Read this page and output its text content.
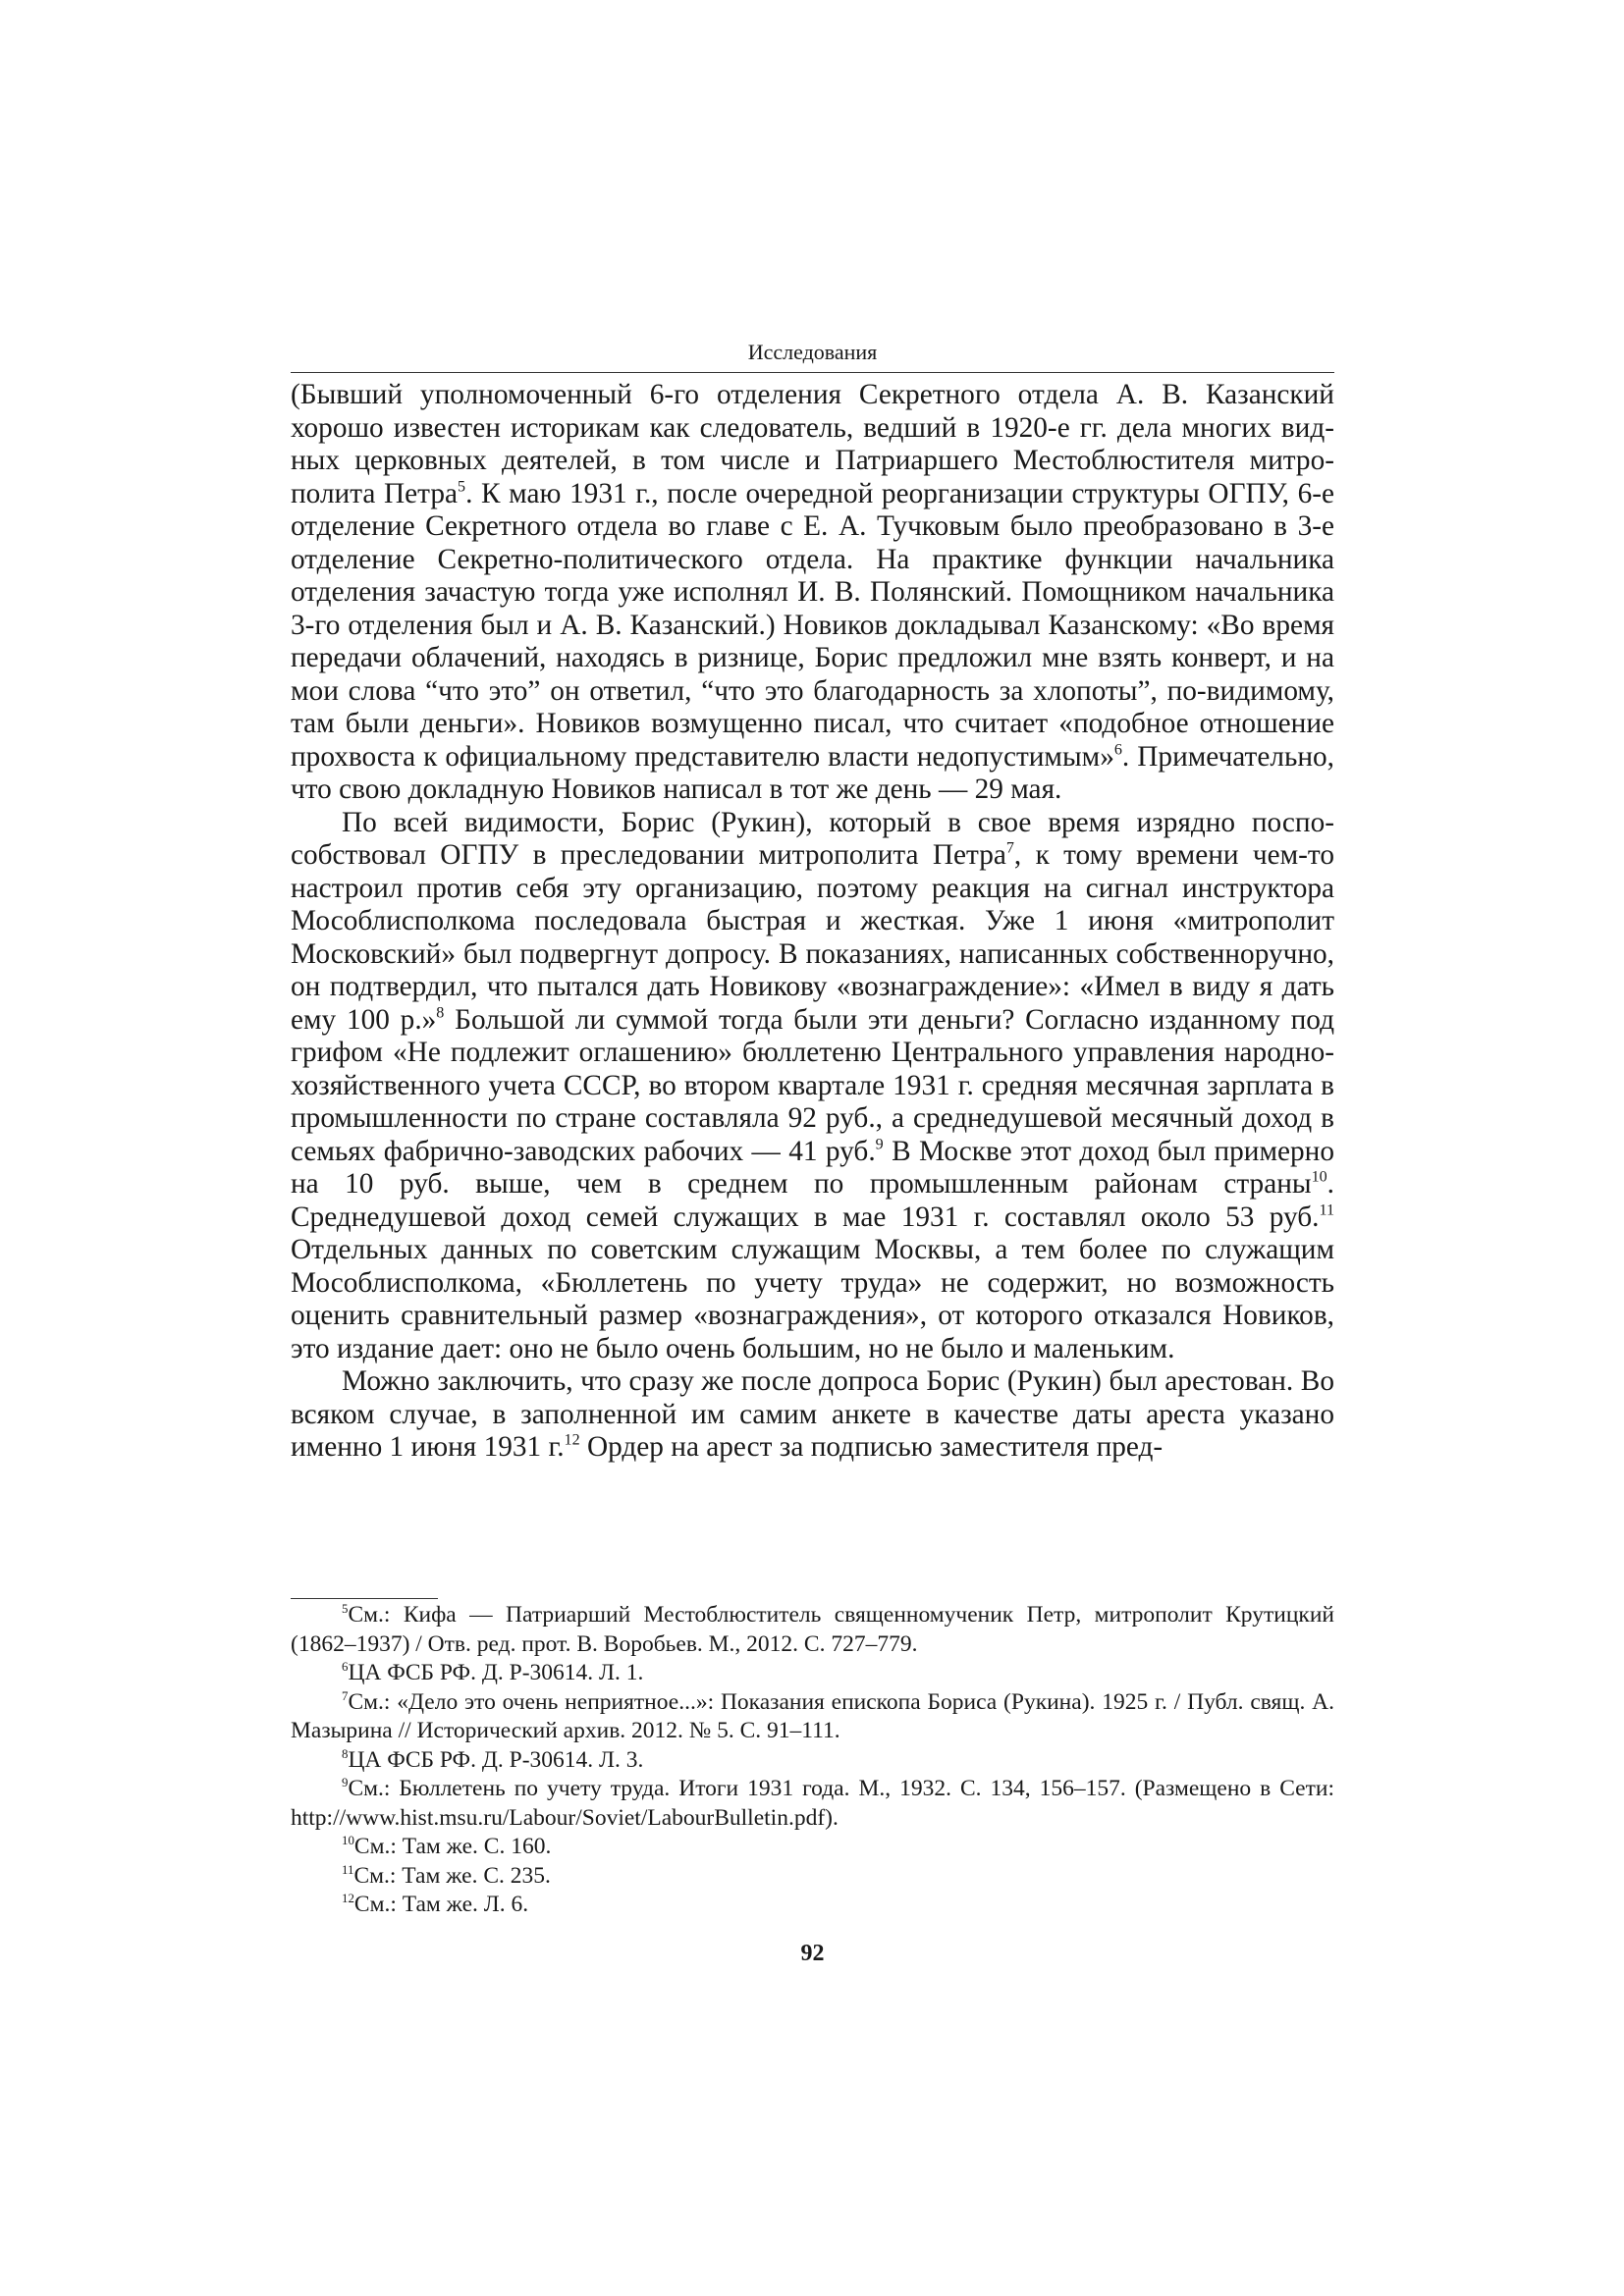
Исследования

(Бывший уполномоченный 6-го отделения Секретного отдела А. В. Казанский хорошо известен историкам как следователь, ведший в 1920-е гг. дела многих видных церковных деятелей, в том числе и Патриаршего Местоблюстителя митрополита Петра$^5$. К маю 1931 г., после очередной реорганизации структуры ОГПУ, 6-е отделение Секретного отдела во главе с Е. А. Тучковым было преобразовано в 3-е отделение Секретно-политического отдела. На практике функции начальника отделения зачастую тогда уже исполнял И. В. Полянский. Помощником начальника 3-го отделения был и А. В. Казанский.) Новиков докладывал Казанскому: «Во время передачи облачений, находясь в ризнице, Борис предложил мне взять конверт, и на мои слова “что это” он ответил, “что это благодарность за хлопоты”, по-видимому, там были деньги». Новиков возмущенно писал, что считает «подобное отношение прохвоста к официальному представителю власти недопустимым»$^6$. Примечательно, что свою докладную Новиков написал в тот же день — 29 мая.

По всей видимости, Борис (Рукин), который в свое время изрядно поспособствовал ОГПУ в преследовании митрополита Петра$^7$, к тому времени чем-то настроил против себя эту организацию, поэтому реакция на сигнал инструктора Мособлисполкома последовала быстрая и жесткая. Уже 1 июня «митрополит Московский» был подвергнут допросу. В показаниях, написанных собственноручно, он подтвердил, что пытался дать Новикову «вознаграждение»: «Имел в виду я дать ему 100 р.»$^8$ Большой ли суммой тогда были эти деньги? Согласно изданному под грифом «Не подлежит оглашению» бюллетеню Центрального управления народно-хозяйственного учета СССР, во втором квартале 1931 г. средняя месячная зарплата в промышленности по стране составляла 92 руб., а среднедушевой месячный доход в семьях фабрично-заводских рабочих — 41 руб.$^9$ В Москве этот доход был примерно на 10 руб. выше, чем в среднем по промышленным районам страны$^{10}$. Среднедушевой доход семей служащих в мае 1931 г. составлял около 53 руб.$^{11}$ Отдельных данных по советским служащим Москвы, а тем более по служащим Мособлисполкома, «Бюллетень по учету труда» не содержит, но возможность оценить сравнительный размер «вознаграждения», от которого отказался Новиков, это издание дает: оно не было очень большим, но не было и маленьким.

Можно заключить, что сразу же после допроса Борис (Рукин) был арестован. Во всяком случае, в заполненной им самим анкете в качестве даты ареста указано именно 1 июня 1931 г.$^{12}$ Ордер на арест за подписью заместителя пред-

$^5$См.: Кифа — Патриарший Местоблюститель священномученик Петр, митрополит Крутицкий (1862–1937) / Отв. ред. прот. В. Воробьев. М., 2012. С. 727–779.

$^6$ЦА ФСБ РФ. Д. Р-30614. Л. 1.

$^7$См.: «Дело это очень неприятное...»: Показания епископа Бориса (Рукина). 1925 г. / Публ. свящ. А. Мазырина // Исторический архив. 2012. № 5. С. 91–111.

$^8$ЦА ФСБ РФ. Д. Р-30614. Л. 3.

$^9$См.: Бюллетень по учету труда. Итоги 1931 года. М., 1932. С. 134, 156–157. (Размещено в Сети: http://www.hist.msu.ru/Labour/Soviet/LabourBulletin.pdf).

$^{10}$См.: Там же. С. 160.

$^{11}$См.: Там же. С. 235.

$^{12}$См.: Там же. Л. 6.

92
